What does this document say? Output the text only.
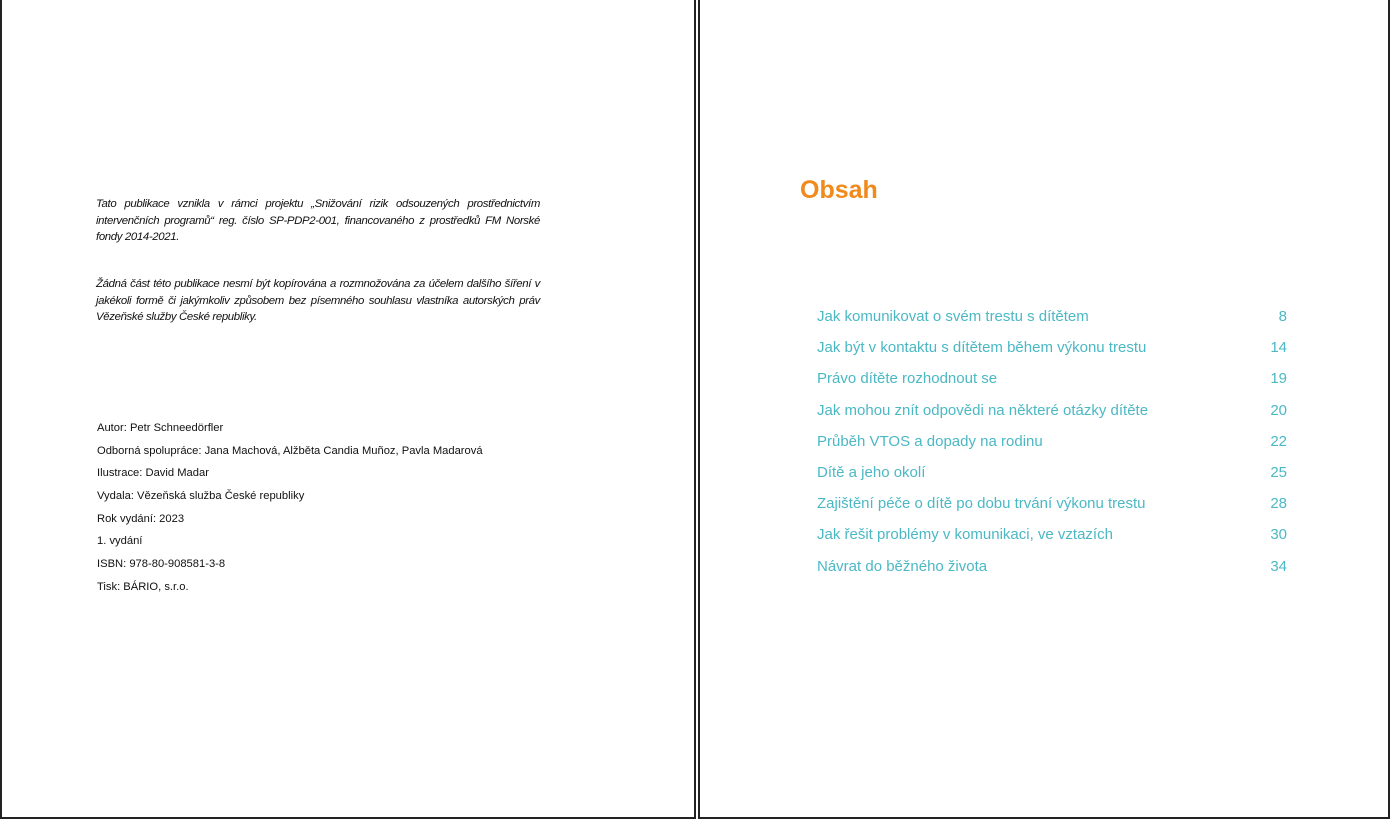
Tato publikace vznikla v rámci projektu „Snižování rizik odsouzených prostřednictvím intervenčních programů“ reg. číslo SP-PDP2-001, financovaného z prostředků FM Norské fondy 2014-2021.
Žádná část této publikace nesmí být kopírována a rozmnožována za účelem dalšího šíření v jakékoli formě či jakýmkoliv způsobem bez písemného souhlasu vlastníka autorských práv Vězeňské služby České republiky.
Autor: Petr Schneedörfler
Odborná spolupráce: Jana Machová, Alžběta Candia Muñoz, Pavla Madarová
Ilustrace: David Madar
Vydala: Vězeňská služba České republiky
Rok vydání: 2023
1. vydání
ISBN: 978-80-908581-3-8
Tisk: BÁRIO, s.r.o.
Obsah
Jak komunikovat o svém trestu s dítětem	8
Jak být v kontaktu s dítětem během výkonu trestu	14
Právo dítěte rozhodnout se	19
Jak mohou znít odpovědi na některé otázky dítěte	20
Průběh VTOS a dopady na rodinu	22
Dítě a jeho okolí	25
Zajištění péče o dítě po dobu trvání výkonu trestu	28
Jak řešit problémy v komunikaci, ve vztazích	30
Návrat do běžného života	34
